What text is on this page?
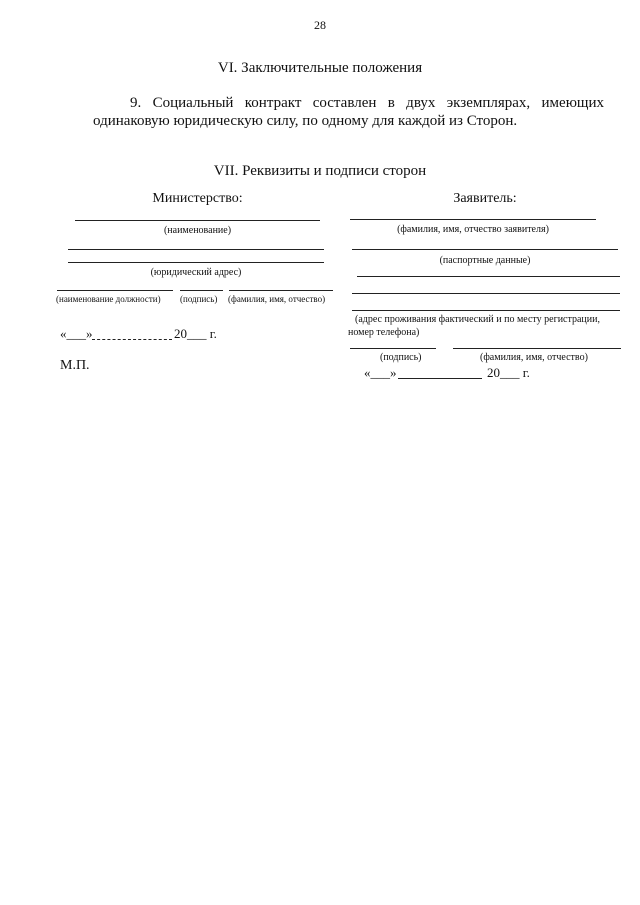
28
VI. Заключительные положения
9. Социальный контракт составлен в двух экземплярах, имеющих
одинаковую юридическую силу, по одному для каждой из Сторон.
VII. Реквизиты и подписи сторон
Министерство:
(наименование)
(юридический адрес)
(наименование должности) (подпись) (фамилия, имя, отчество)
«___»	20___ г.
М.П.
Заявитель:
(фамилия, имя, отчество заявителя)
(паспортные данные)
(адрес проживания фактический и по месту регистрации,
номер телефона)
(подпись)	(фамилия, имя, отчество)
«___»	20___ г.
